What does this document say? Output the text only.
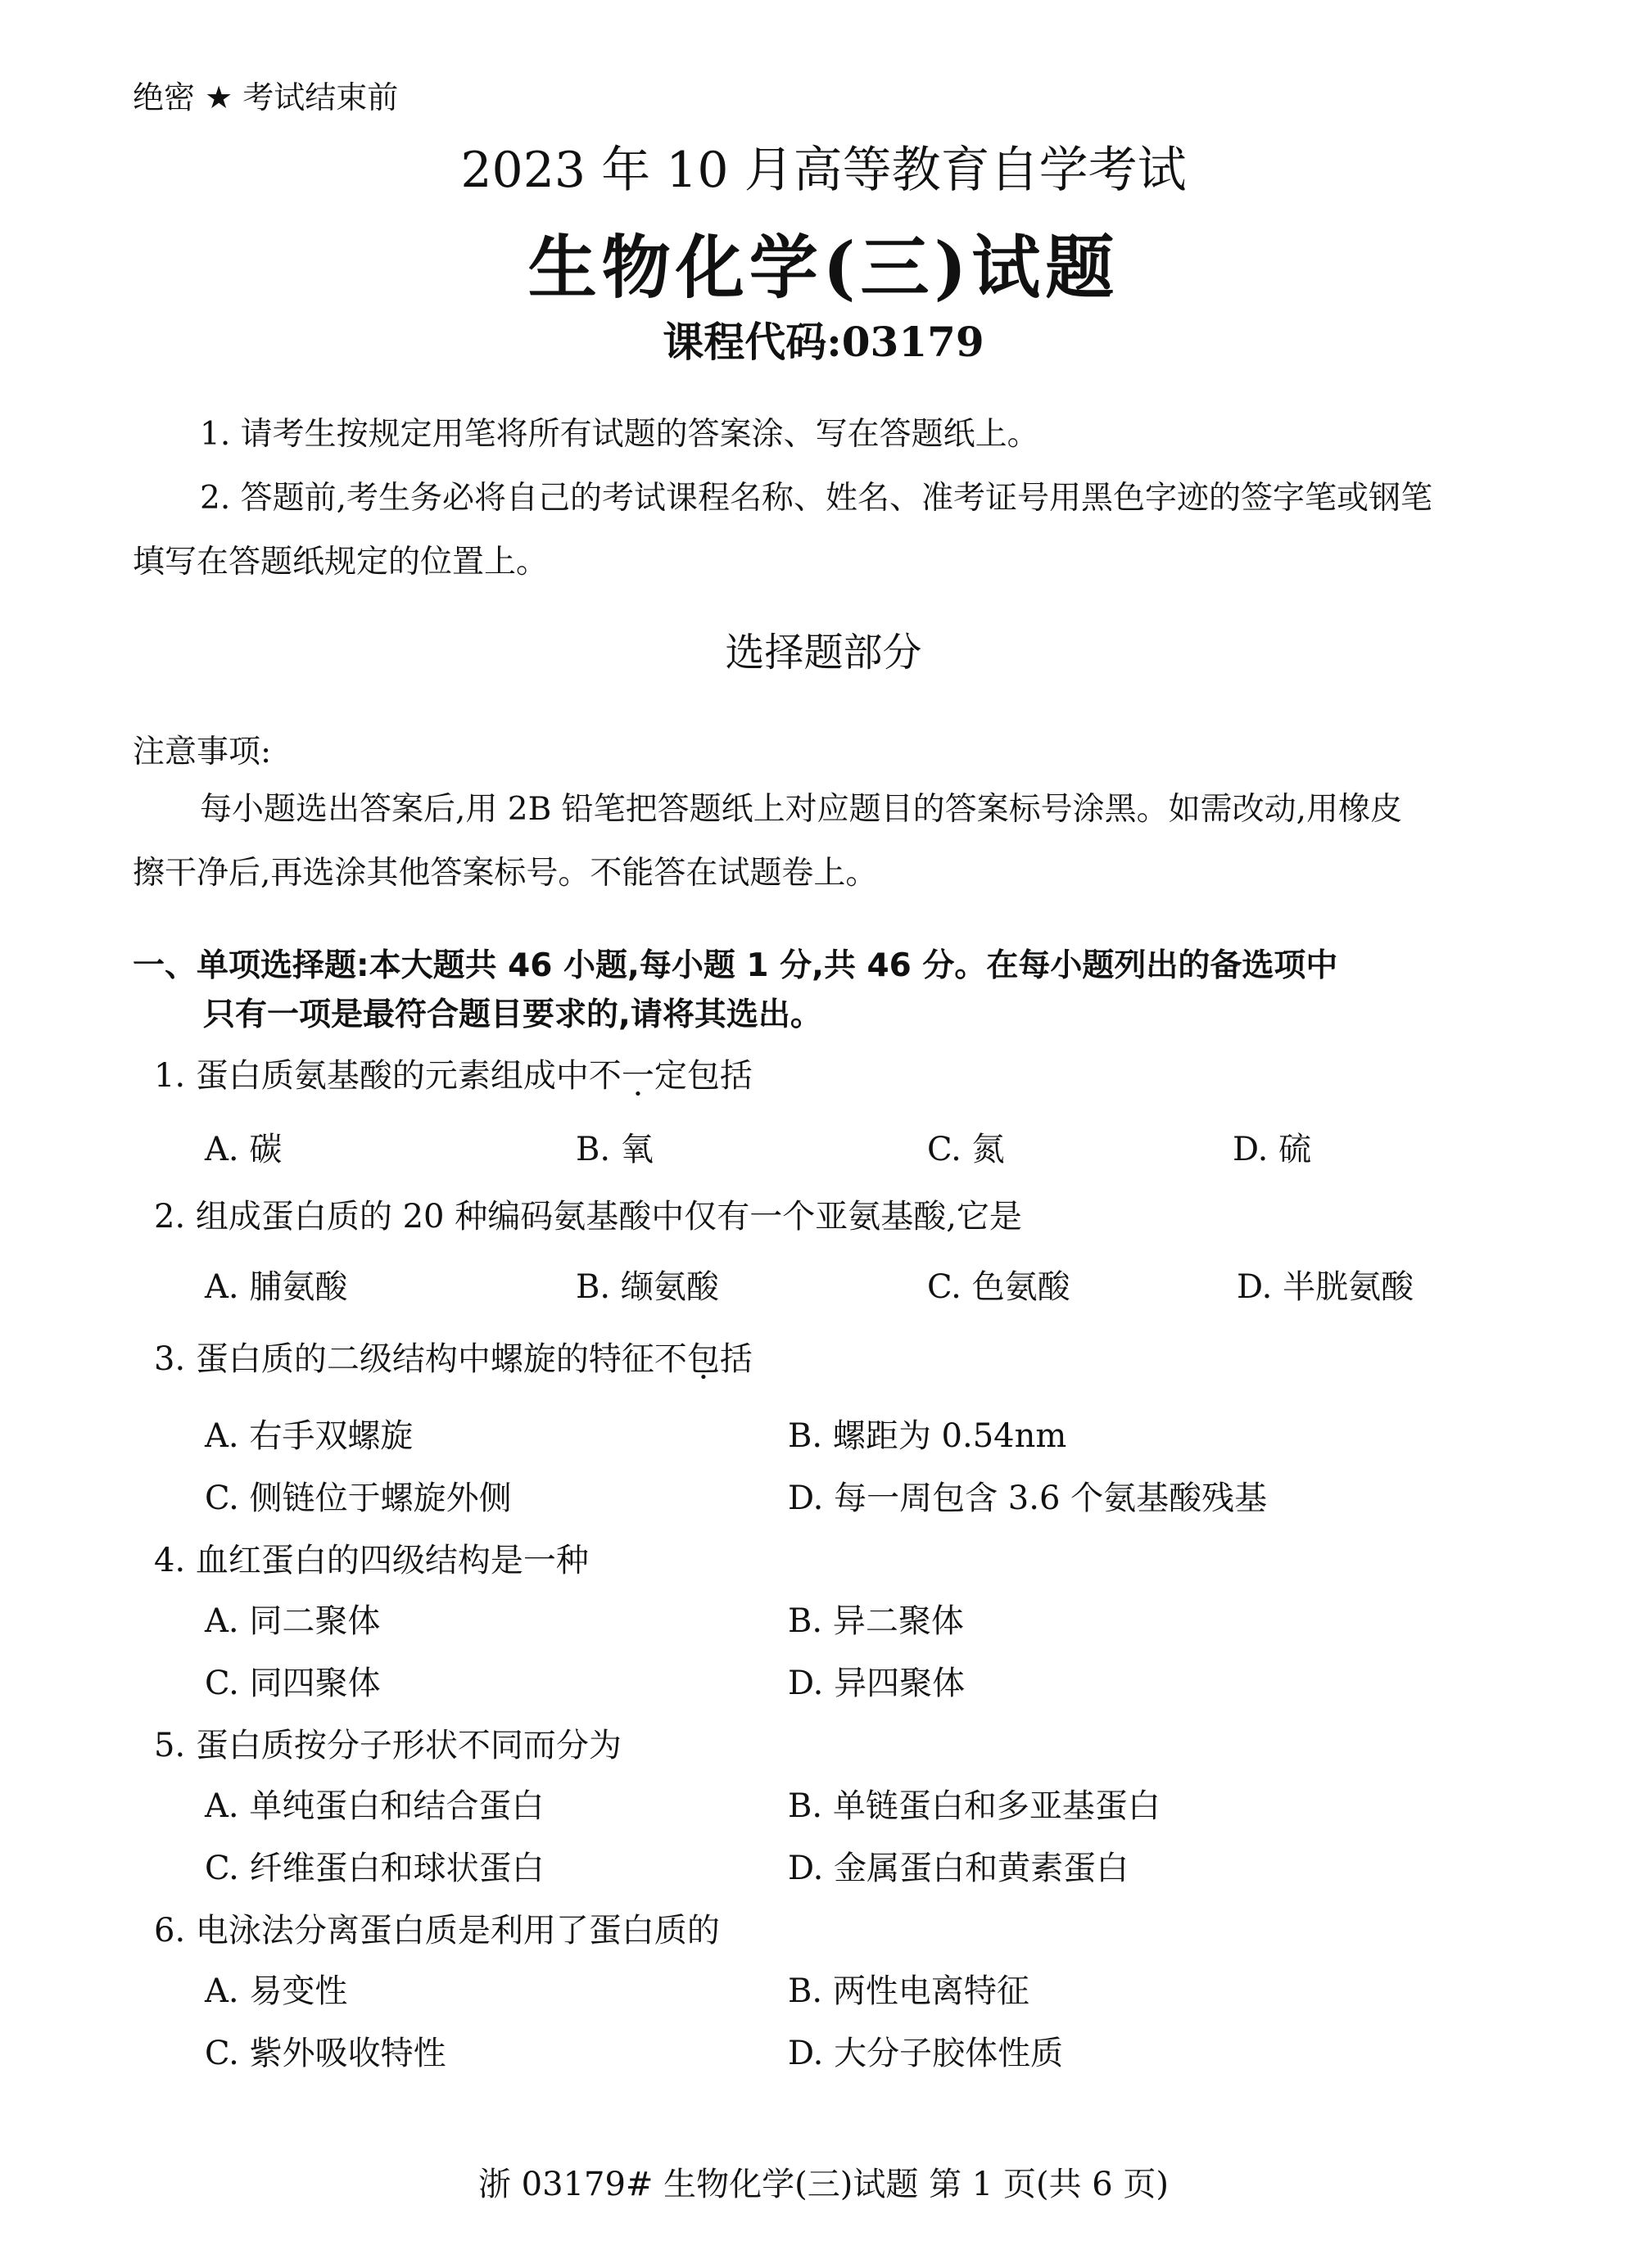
绝密 ★ 考试结束前
2023 年 10 月高等教育自学考试
生物化学(三)试题
课程代码:03179
1. 请考生按规定用笔将所有试题的答案涂、写在答题纸上。
2. 答题前,考生务必将自己的考试课程名称、姓名、准考证号用黑色字迹的签字笔或钢笔
填写在答题纸规定的位置上。
选择题部分
注意事项:
每小题选出答案后,用 2B 铅笔把答题纸上对应题目的答案标号涂黑。如需改动,用橡皮
擦干净后,再选涂其他答案标号。不能答在试题卷上。
一、单项选择题:本大题共 46 小题,每小题 1 分,共 46 分。在每小题列出的备选项中
只有一项是最符合题目要求的,请将其选出。
1. 蛋白质氨基酸的元素组成中不一定包括
A. 碳	B. 氧	C. 氮	D. 硫
2. 组成蛋白质的 20 种编码氨基酸中仅有一个亚氨基酸,它是
A. 脯氨酸	B. 缬氨酸	C. 色氨酸	D. 半胱氨酸
3. 蛋白质的二级结构中螺旋的特征不包括
A. 右手双螺旋	B. 螺距为 0.54nm
C. 侧链位于螺旋外侧	D. 每一周包含 3.6 个氨基酸残基
4. 血红蛋白的四级结构是一种
A. 同二聚体	B. 异二聚体
C. 同四聚体	D. 异四聚体
5. 蛋白质按分子形状不同而分为
A. 单纯蛋白和结合蛋白	B. 单链蛋白和多亚基蛋白
C. 纤维蛋白和球状蛋白	D. 金属蛋白和黄素蛋白
6. 电泳法分离蛋白质是利用了蛋白质的
A. 易变性	B. 两性电离特征
C. 紫外吸收特性	D. 大分子胶体性质
浙 03179# 生物化学(三)试题 第 1 页(共 6 页)
